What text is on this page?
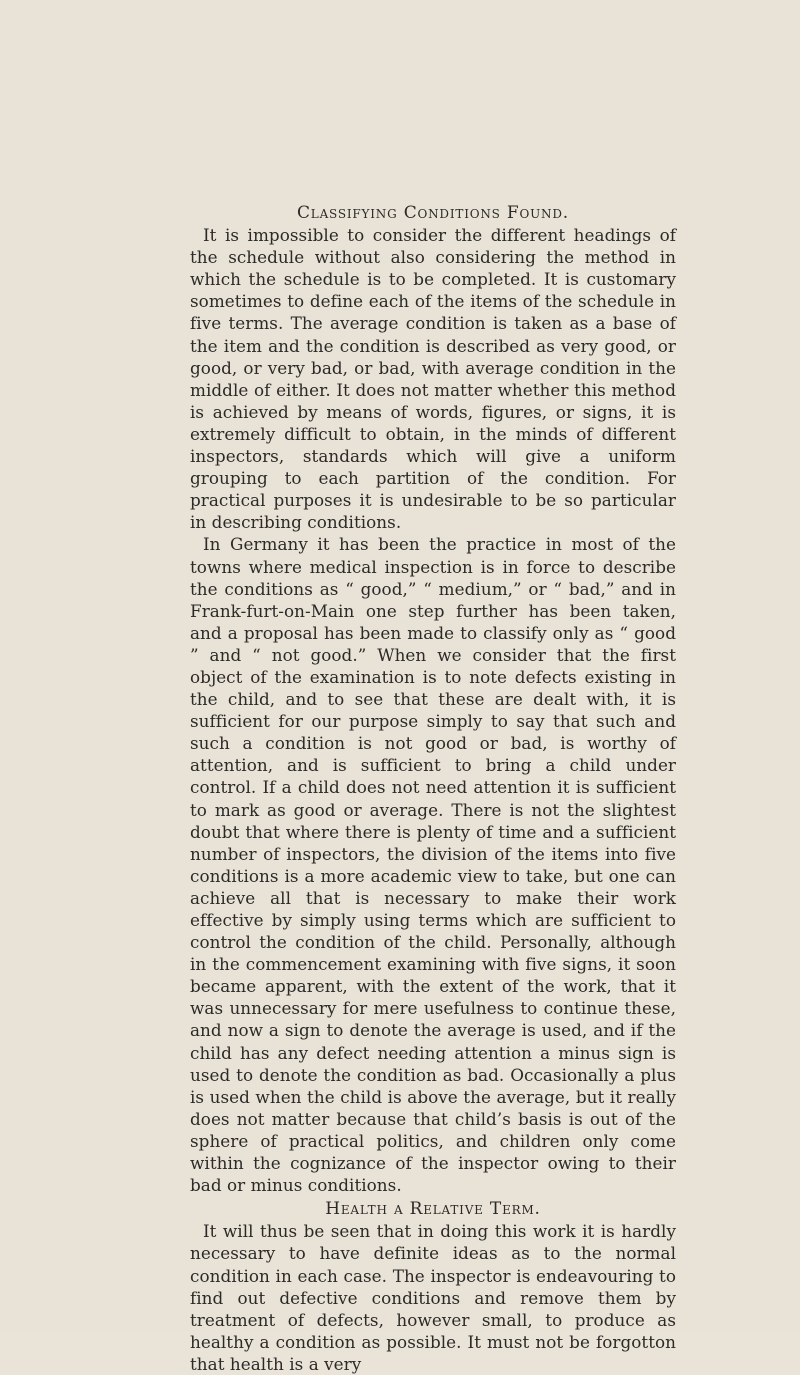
Classifying Conditions Found.

It is impossible to consider the different headings of the schedule without also considering the method in which the schedule is to be completed. It is customary sometimes to define each of the items of the schedule in five terms. The average condition is taken as a base of the item and the condition is described as very good, or good, or very bad, or bad, with average condition in the middle of either. It does not matter whether this method is achieved by means of words, figures, or signs, it is extremely difficult to obtain, in the minds of different inspectors, standards which will give a uniform grouping to each partition of the condition. For practical purposes it is undesirable to be so particular in describing conditions.

In Germany it has been the practice in most of the towns where medical inspection is in force to describe the conditions as “ good,” “ medium,” or “ bad,” and in Frank-furt-on-Main one step further has been taken, and a proposal has been made to classify only as “ good ” and “ not good.” When we consider that the first object of the examination is to note defects existing in the child, and to see that these are dealt with, it is sufficient for our purpose simply to say that such and such a condition is not good or bad, is worthy of attention, and is sufficient to bring a child under control. If a child does not need attention it is sufficient to mark as good or average. There is not the slightest doubt that where there is plenty of time and a sufficient number of inspectors, the division of the items into five conditions is a more academic view to take, but one can achieve all that is necessary to make their work effective by simply using terms which are sufficient to control the condition of the child. Personally, although in the commencement examining with five signs, it soon became apparent, with the extent of the work, that it was unnecessary for mere usefulness to continue these, and now a sign to denote the average is used, and if the child has any defect needing attention a minus sign is used to denote the condition as bad. Occasionally a plus is used when the child is above the average, but it really does not matter because that child’s basis is out of the sphere of practical politics, and children only come within the cognizance of the inspector owing to their bad or minus conditions.

Health a Relative Term.

It will thus be seen that in doing this work it is hardly necessary to have definite ideas as to the normal condition in each case. The inspector is endeavouring to find out defective conditions and remove them by treatment of defects, however small, to produce as healthy a condition as possible. It must not be forgotton that health is a very
